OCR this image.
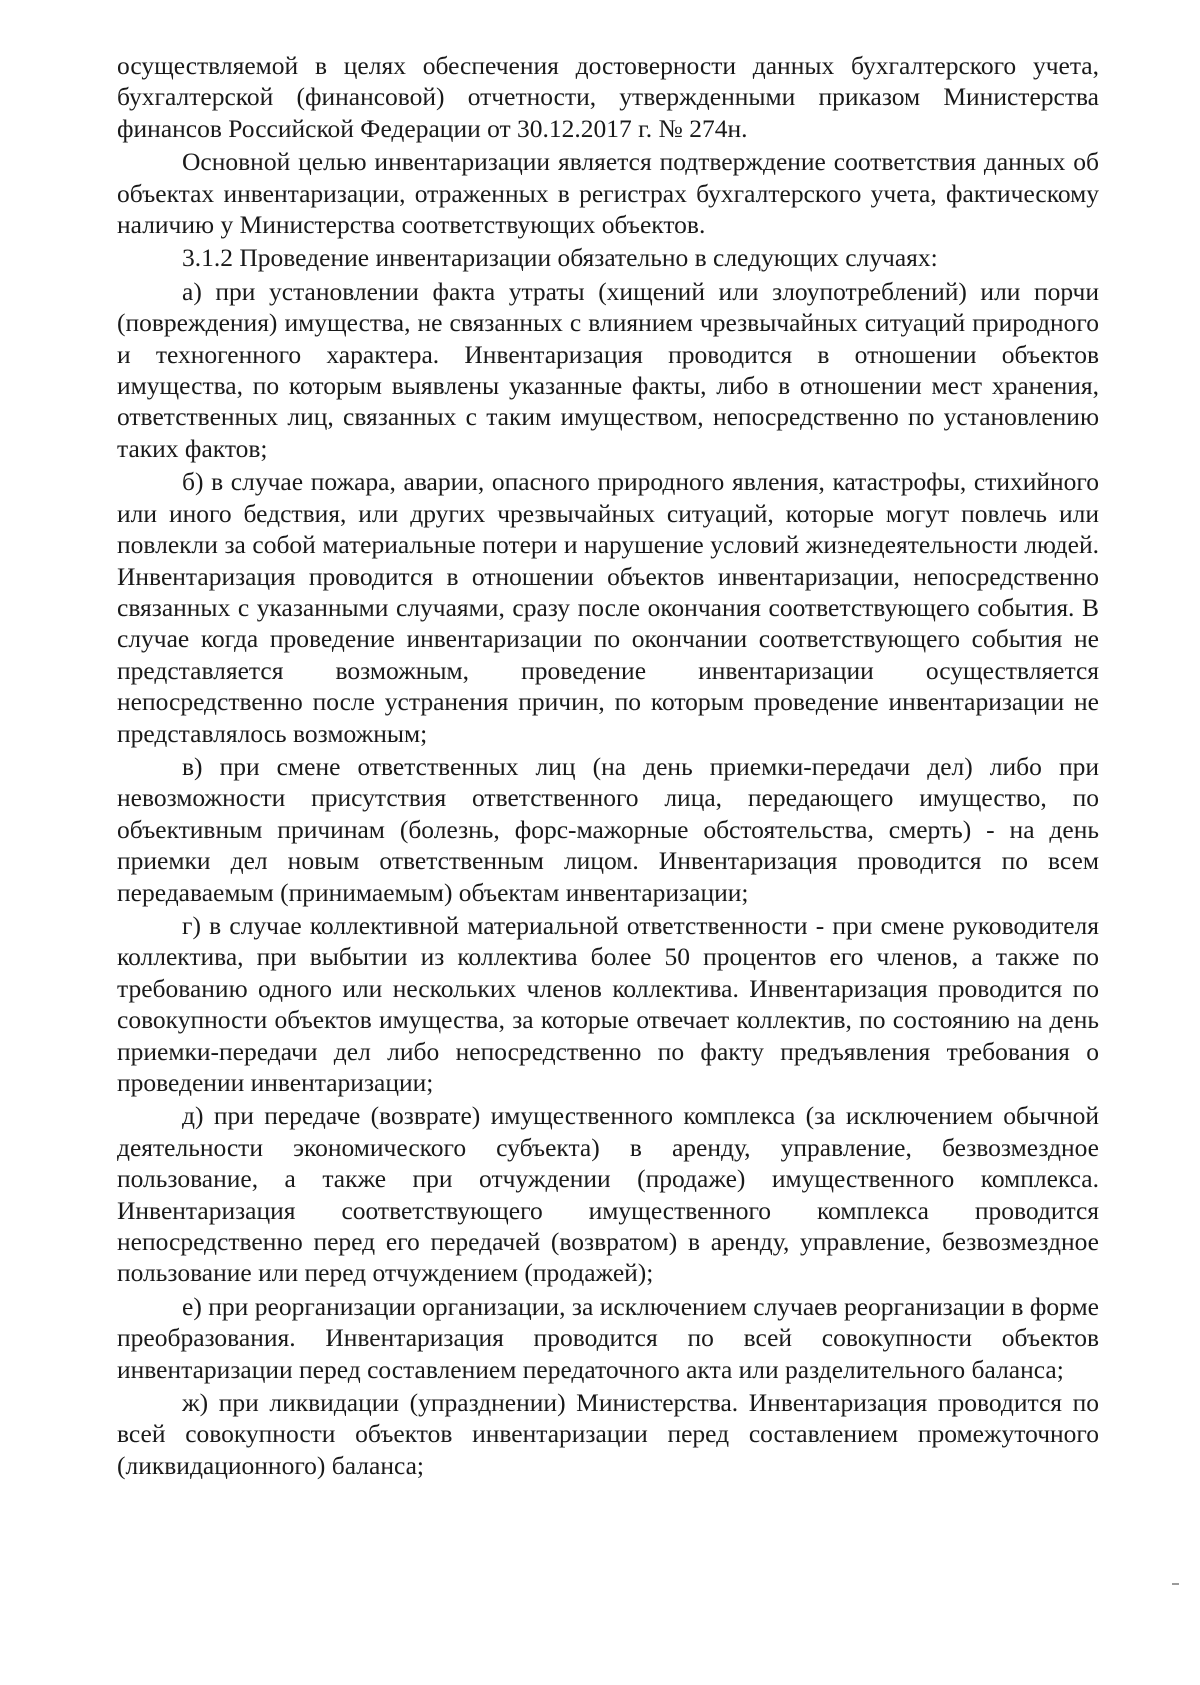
осуществляемой в целях обеспечения достоверности данных бухгалтерского учета, бухгалтерской (финансовой) отчетности, утвержденными приказом Министерства финансов Российской Федерации от 30.12.2017 г. № 274н.

Основной целью инвентаризации является подтверждение соответствия данных об объектах инвентаризации, отраженных в регистрах бухгалтерского учета, фактическому наличию у Министерства соответствующих объектов.

3.1.2 Проведение инвентаризации обязательно в следующих случаях:

а) при установлении факта утраты (хищений или злоупотреблений) или порчи (повреждения) имущества, не связанных с влиянием чрезвычайных ситуаций природного и техногенного характера. Инвентаризация проводится в отношении объектов имущества, по которым выявлены указанные факты, либо в отношении мест хранения, ответственных лиц, связанных с таким имуществом, непосредственно по установлению таких фактов;

б) в случае пожара, аварии, опасного природного явления, катастрофы, стихийного или иного бедствия, или других чрезвычайных ситуаций, которые могут повлечь или повлекли за собой материальные потери и нарушение условий жизнедеятельности людей. Инвентаризация проводится в отношении объектов инвентаризации, непосредственно связанных с указанными случаями, сразу после окончания соответствующего события. В случае когда проведение инвентаризации по окончании соответствующего события не представляется возможным, проведение инвентаризации осуществляется непосредственно после устранения причин, по которым проведение инвентаризации не представлялось возможным;

в) при смене ответственных лиц (на день приемки-передачи дел) либо при невозможности присутствия ответственного лица, передающего имущество, по объективным причинам (болезнь, форс-мажорные обстоятельства, смерть) - на день приемки дел новым ответственным лицом. Инвентаризация проводится по всем передаваемым (принимаемым) объектам инвентаризации;

г) в случае коллективной материальной ответственности - при смене руководителя коллектива, при выбытии из коллектива более 50 процентов его членов, а также по требованию одного или нескольких членов коллектива. Инвентаризация проводится по совокупности объектов имущества, за которые отвечает коллектив, по состоянию на день приемки-передачи дел либо непосредственно по факту предъявления требования о проведении инвентаризации;

д) при передаче (возврате) имущественного комплекса (за исключением обычной деятельности экономического субъекта) в аренду, управление, безвозмездное пользование, а также при отчуждении (продаже) имущественного комплекса. Инвентаризация соответствующего имущественного комплекса проводится непосредственно перед его передачей (возвратом) в аренду, управление, безвозмездное пользование или перед отчуждением (продажей);

е) при реорганизации организации, за исключением случаев реорганизации в форме преобразования. Инвентаризация проводится по всей совокупности объектов инвентаризации перед составлением передаточного акта или разделительного баланса;

ж) при ликвидации (упразднении) Министерства. Инвентаризация проводится по всей совокупности объектов инвентаризации перед составлением промежуточного (ликвидационного) баланса;
